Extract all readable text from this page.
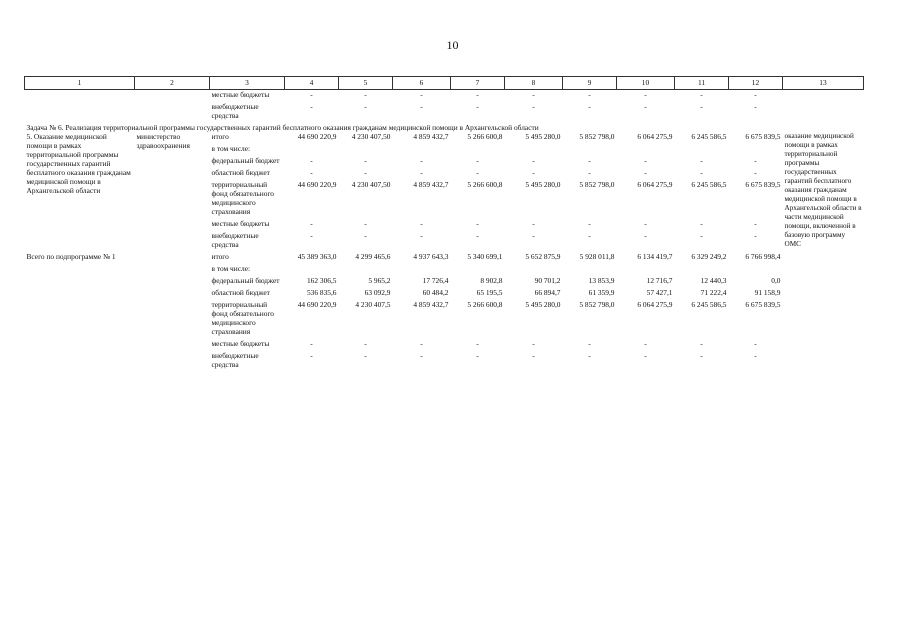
10
1	2	3	4	5	6	7	8	9	10	11	12	13
		местные бюджеты	-	-	-	-	-	-	-	-	-	

		внебюджетные средства	-	-	-	-	-	-	-	-	-	

Задача № 6. Реализация территориальной программы государственных гарантий бесплатного оказания гражданам медицинской помощи в Архангельской области												
5. Оказание медицинской помощи в рамках территориальной программы государственных гарантий бесплатного оказания гражданам медицинской помощи в Архангельской области	министерство здравоохранения	итого	44 690 220,9	4 230 407,50	4 859 432,7	5 266 600,8	5 495 280,0	5 852 798,0	6 064 275,9	6 245 586,5	6 675 839,5	оказание медицинской помощи в рамках территориальной программы государственных гарантий бесплатного оказания гражданам медицинской помощи в Архангельской области в части медицинской помощи, включенной в базовую программу ОМС

		в том числе:										

		федеральный бюджет	-	-	-	-	-	-	-	-	-	

		областной бюджет	-	-	-	-	-	-	-	-	-	

		территориальный фонд обязательного медицинского страхования	44 690 220,9	4 230 407,50	4 859 432,7	5 266 600,8	5 495 280,0	5 852 798,0	6 064 275,9	6 245 586,5	6 675 839,5	

		местные бюджеты	-	-	-	-	-	-	-	-	-	

		внебюджетные средства	-	-	-	-	-	-	-	-	-	

Всего по подпрограмме № 1		итого	45 389 363,0	4 299 465,6	4 937 643,3	5 340 699,1	5 652 875,9	5 928 011,8	6 134 419,7	6 329 249,2	6 766 998,4	

		в том числе:										

		федеральный бюджет	162 306,5	5 965,2	17 726,4	8 902,8	90 701,2	13 853,9	12 716,7	12 440,3	0,0	

		областной бюджет	536 835,6	63 092,9	60 484,2	65 195,5	66 894,7	61 359,9	57 427,1	71 222,4	91 158,9	

		территориальный фонд обязательного медицинского страхования	44 690 220,9	4 230 407,5	4 859 432,7	5 266 600,8	5 495 280,0	5 852 798,0	6 064 275,9	6 245 586,5	6 675 839,5	

		местные бюджеты	-	-	-	-	-	-	-	-	-	

		внебюджетные средства	-	-	-	-	-	-	-	-	-	
